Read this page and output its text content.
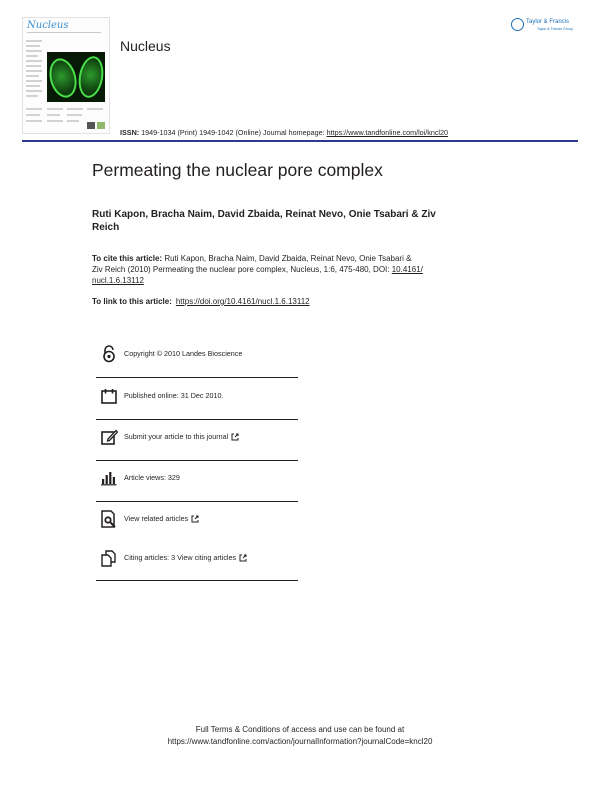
Nucleus
Nucleus
Taylor & Francis
Taylor & Francis Group
ISSN: 1949-1034 (Print) 1949-1042 (Online) Journal homepage: https://www.tandfonline.com/loi/kncl20
Permeating the nuclear pore complex
Ruti Kapon, Bracha Naim, David Zbaida, Reinat Nevo, Onie Tsabari & Ziv
Reich
To cite this article: Ruti Kapon, Bracha Naim, David Zbaida, Reinat Nevo, Onie Tsabari &
Ziv Reich (2010) Permeating the nuclear pore complex, Nucleus, 1:6, 475-480, DOI: 10.4161/
nucl.1.6.13112
To link to this article: https://doi.org/10.4161/nucl.1.6.13112
Copyright © 2010 Landes Bioscience
Published online: 31 Dec 2010.
Submit your article to this journal
Article views: 329
View related articles
Citing articles: 3 View citing articles
Full Terms & Conditions of access and use can be found at
https://www.tandfonline.com/action/journalInformation?journalCode=kncl20
